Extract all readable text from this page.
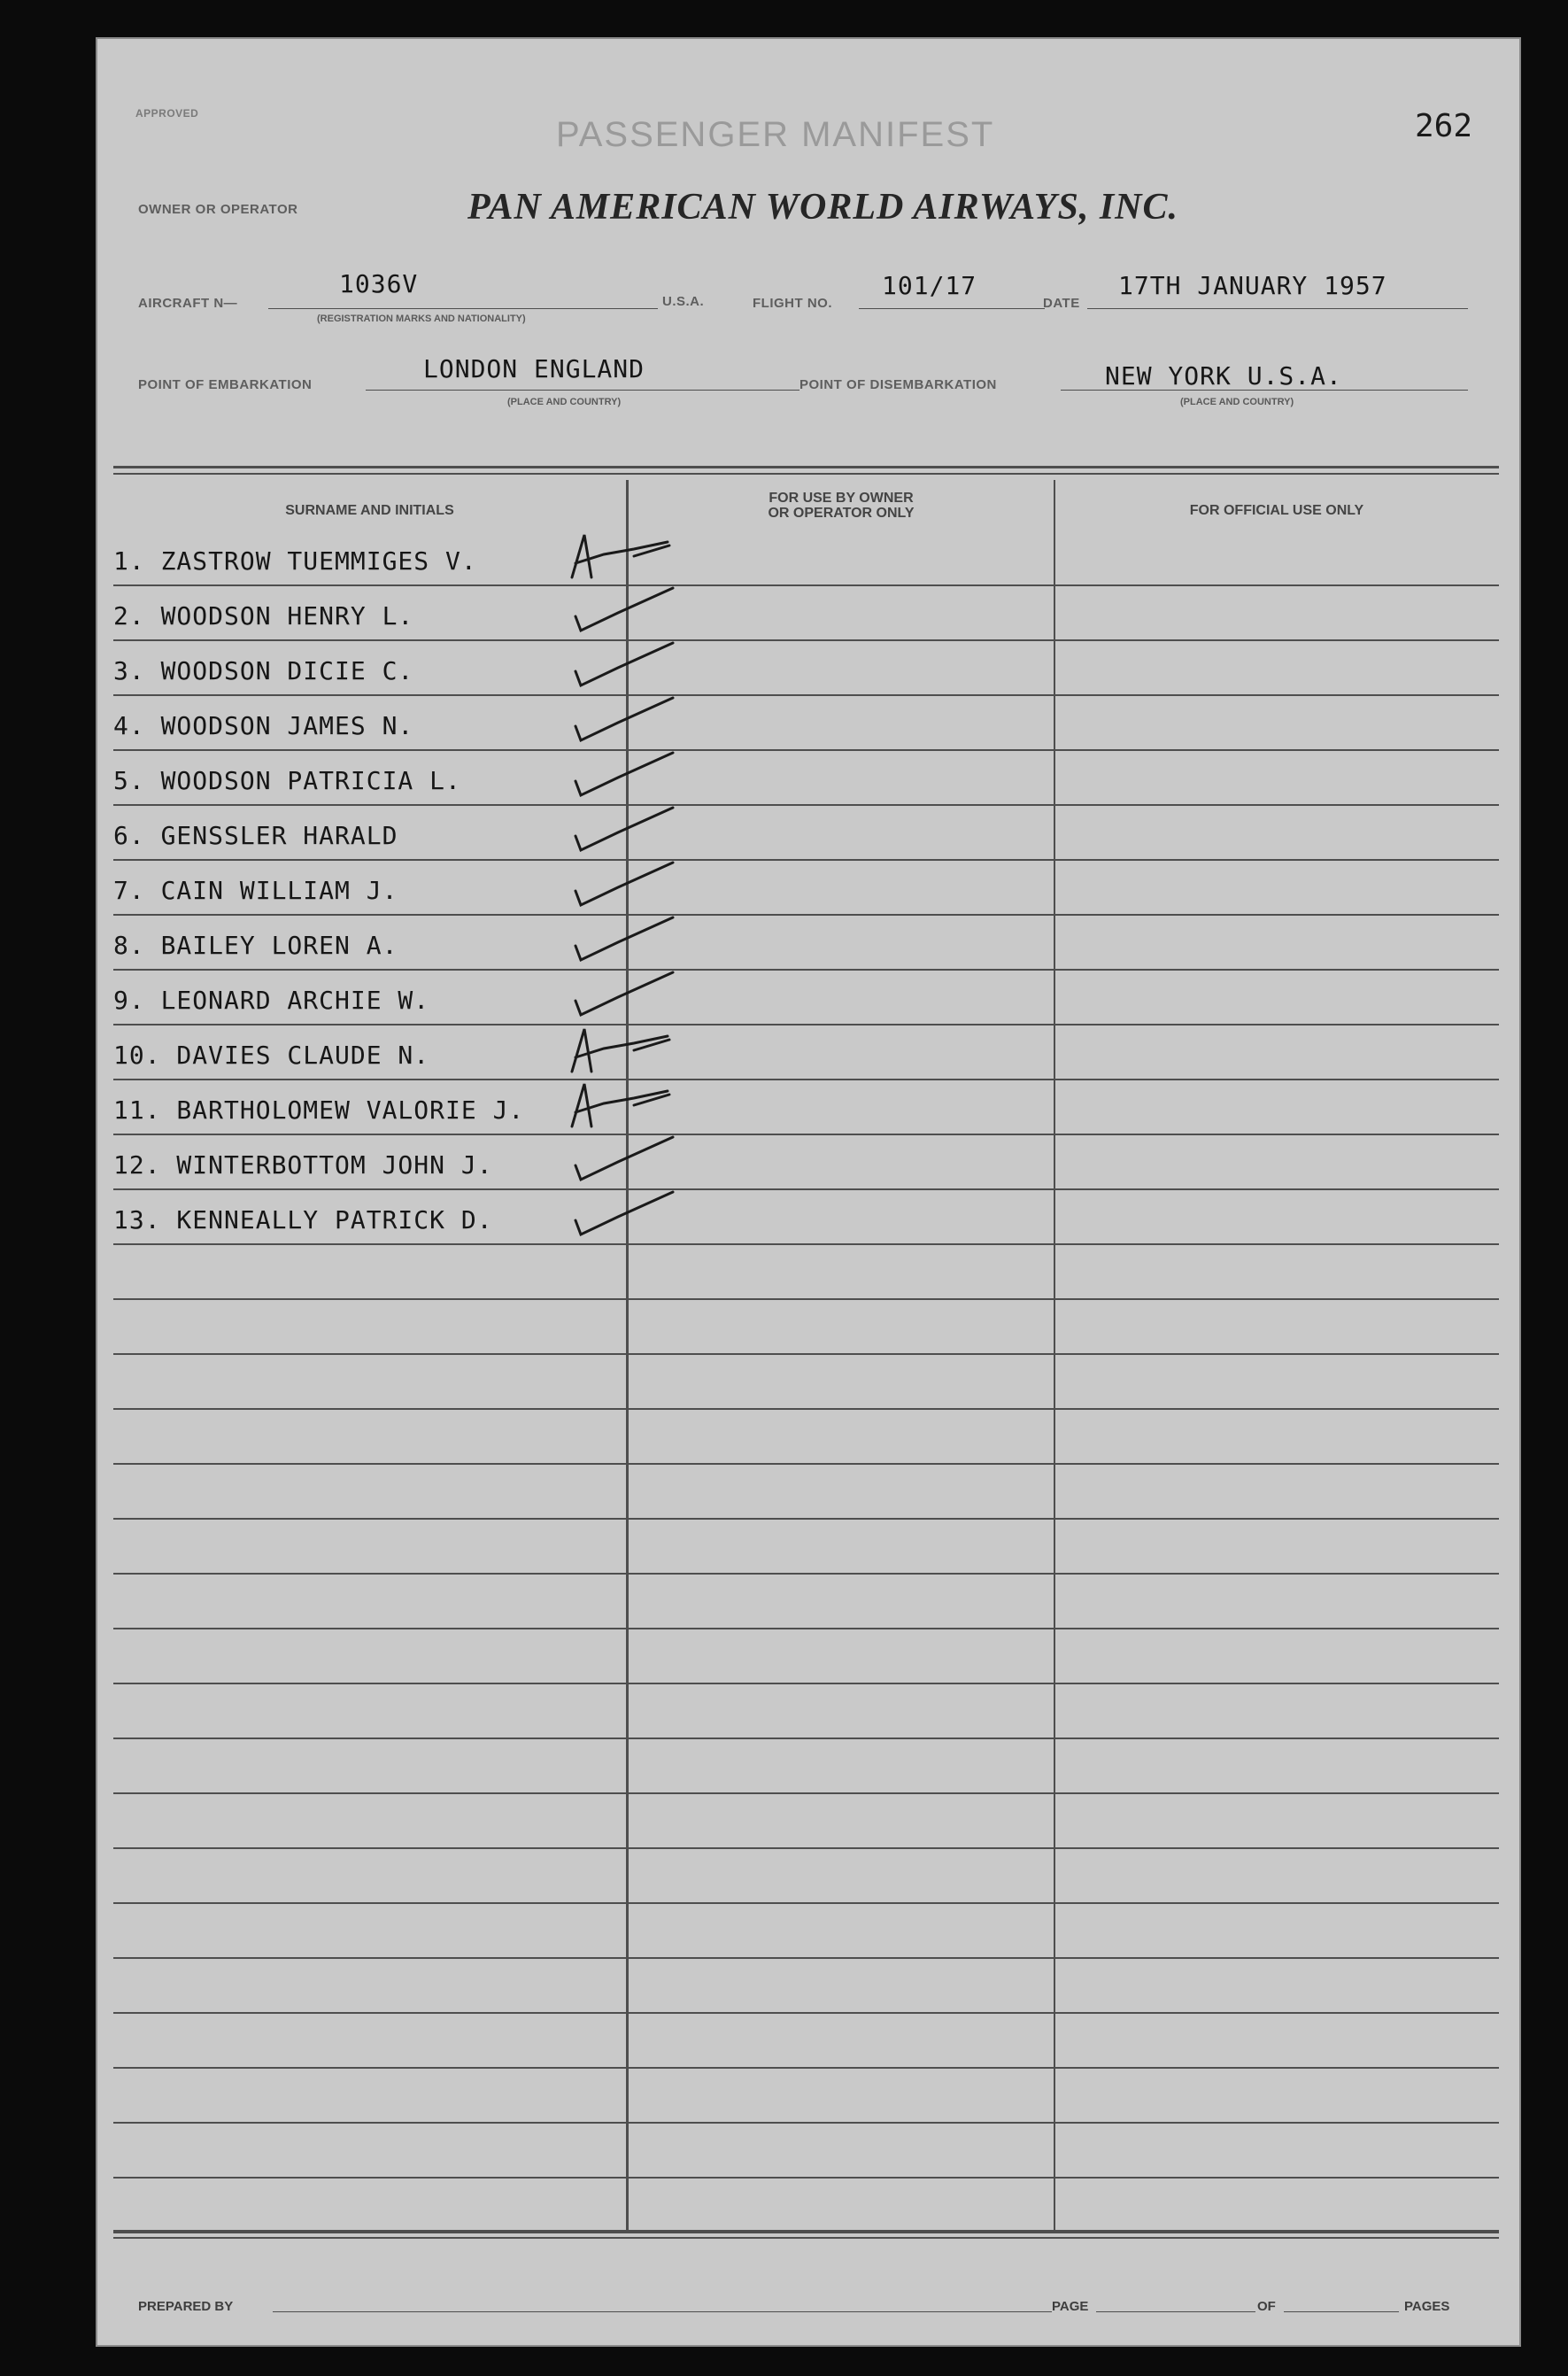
APPROVED
PASSENGER MANIFEST	262
OWNER OR OPERATOR	PAN AMERICAN WORLD AIRWAYS, INC.
AIRCRAFT N—
1036V
(REGISTRATION MARKS AND NATIONALITY)
U.S.A.	FLIGHT NO.
101/17
DATE
17TH JANUARY 1957
POINT OF EMBARKATION
LONDON ENGLAND
(PLACE AND COUNTRY)
POINT OF DISEMBARKATION	NEW YORK U.S.A.
(PLACE AND COUNTRY)
SURNAME AND INITIALS
FOR USE BY OWNER
OR OPERATOR ONLY	FOR OFFICIAL USE ONLY
1. ZASTROW TUEMMIGES V.
2. WOODSON HENRY L.
3. WOODSON DICIE C.
4. WOODSON JAMES N.
5. WOODSON PATRICIA L.
6. GENSSLER HARALD
7. CAIN WILLIAM J.
8. BAILEY LOREN A.
9. LEONARD ARCHIE W.
10. DAVIES CLAUDE N.
11. BARTHOLOMEW VALORIE J.
12. WINTERBOTTOM JOHN J.
13. KENNEALLY PATRICK D.
PREPARED BY	PAGE	OF	PAGES
